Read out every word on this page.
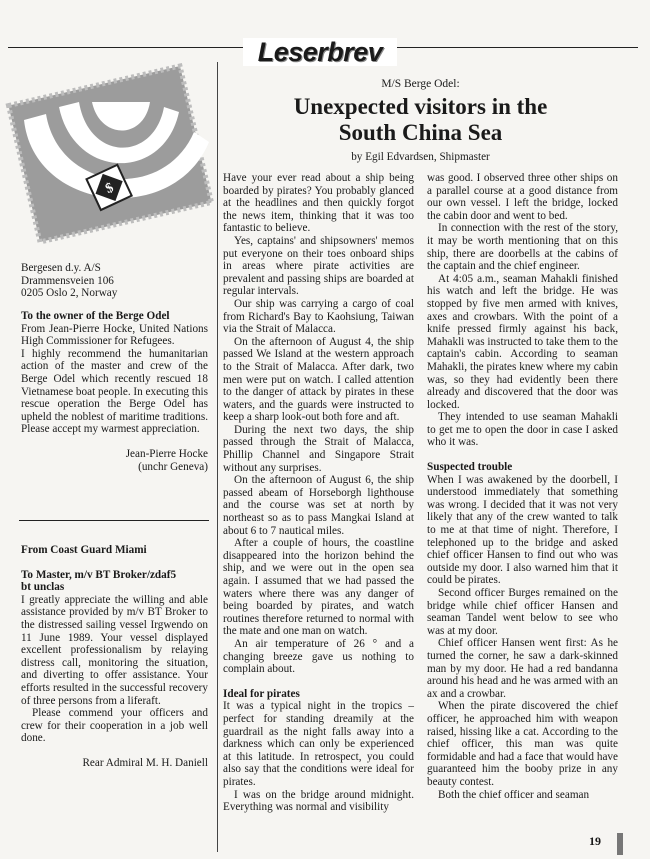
Leserbrev
$

Bergesen d.y. A/S

Drammensveien 106

0205 Oslo 2, Norway

To the owner of the Berge Odel

From Jean-Pierre Hocke, United Nations High Commissioner for Refugees.

I highly recommend the humanitarian action of the master and crew of the Berge Odel which recently rescued 18 Vietnamese boat people. In executing this rescue operation the Berge Odel has upheld the noblest of maritime traditions. Please accept my warmest appreciation.

Jean-Pierre Hocke

(unchr Geneva)

From Coast Guard Miami

To Master, m/v BT Broker/zdaf5

bt unclas

I greatly appreciate the willing and able assistance provided by m/v BT Broker to the distressed sailing vessel Irgwendo on 11 June 1989. Your vessel displayed excellent professionalism by relaying distress call, monitoring the situation, and diverting to offer assistance. Your efforts resulted in the successful recovery of three persons from a liferaft.

Please commend your officers and crew for their cooperation in a job well done.

Rear Admiral M. H. Daniell

M/S Berge Odel:
Unexpected visitors in the
South China Sea
by Egil Edvardsen, Shipmaster

Have your ever read about a ship being boarded by pirates? You probably glanced at the headlines and then quickly forgot the news item, thinking that it was too fantastic to believe.

Yes, captains' and shipsowners' memos put everyone on their toes onboard ships in areas where pirate activities are prevalent and passing ships are boarded at regular intervals.

Our ship was carrying a cargo of coal from Richard's Bay to Kaohsiung, Taiwan via the Strait of Malacca.

On the afternoon of August 4, the ship passed We Island at the western approach to the Strait of Malacca. After dark, two men were put on watch. I called attention to the danger of attack by pirates in these waters, and the guards were instructed to keep a sharp look-out both fore and aft.

During the next two days, the ship passed through the Strait of Malacca, Phillip Channel and Singapore Strait without any surprises.

On the afternoon of August 6, the ship passed abeam of Horseborgh lighthouse and the course was set at north by northeast so as to pass Mangkai Island at about 6 to 7 nautical miles.

After a couple of hours, the coastline disappeared into the horizon behind the ship, and we were out in the open sea again. I assumed that we had passed the waters where there was any danger of being boarded by pirates, and watch routines therefore returned to normal with the mate and one man on watch.

An air temperature of 26 ° and a changing breeze gave us nothing to complain about.

Ideal for pirates

It was a typical night in the tropics – perfect for standing dreamily at the guardrail as the night falls away into a darkness which can only be experienced at this latitude. In retrospect, you could also say that the conditions were ideal for pirates.

I was on the bridge around midnight. Everything was normal and visibility

was good. I observed three other ships on a parallel course at a good distance from our own vessel. I left the bridge, locked the cabin door and went to bed.

In connection with the rest of the story, it may be worth mentioning that on this ship, there are doorbells at the cabins of the captain and the chief engineer.

At 4:05 a.m., seaman Mahakli finished his watch and left the bridge. He was stopped by five men armed with knives, axes and crowbars. With the point of a knife pressed firmly against his back, Mahakli was instructed to take them to the captain's cabin. According to seaman Mahakli, the pirates knew where my cabin was, so they had evidently been there already and discovered that the door was locked.

They intended to use seaman Mahakli to get me to open the door in case I asked who it was.

Suspected trouble

When I was awakened by the doorbell, I understood immediately that something was wrong. I decided that it was not very likely that any of the crew wanted to talk to me at that time of night. Therefore, I telephoned up to the bridge and asked chief officer Hansen to find out who was outside my door. I also warned him that it could be pirates.

Second officer Burges remained on the bridge while chief officer Hansen and seaman Tandel went below to see who was at my door.

Chief officer Hansen went first: As he turned the corner, he saw a dark-skinned man by my door. He had a red bandanna around his head and he was armed with an ax and a crowbar.

When the pirate discovered the chief officer, he approached him with weapon raised, hissing like a cat. According to the chief officer, this man was quite formidable and had a face that would have guaranteed him the booby prize in any beauty contest.

Both the chief officer and seaman

19
